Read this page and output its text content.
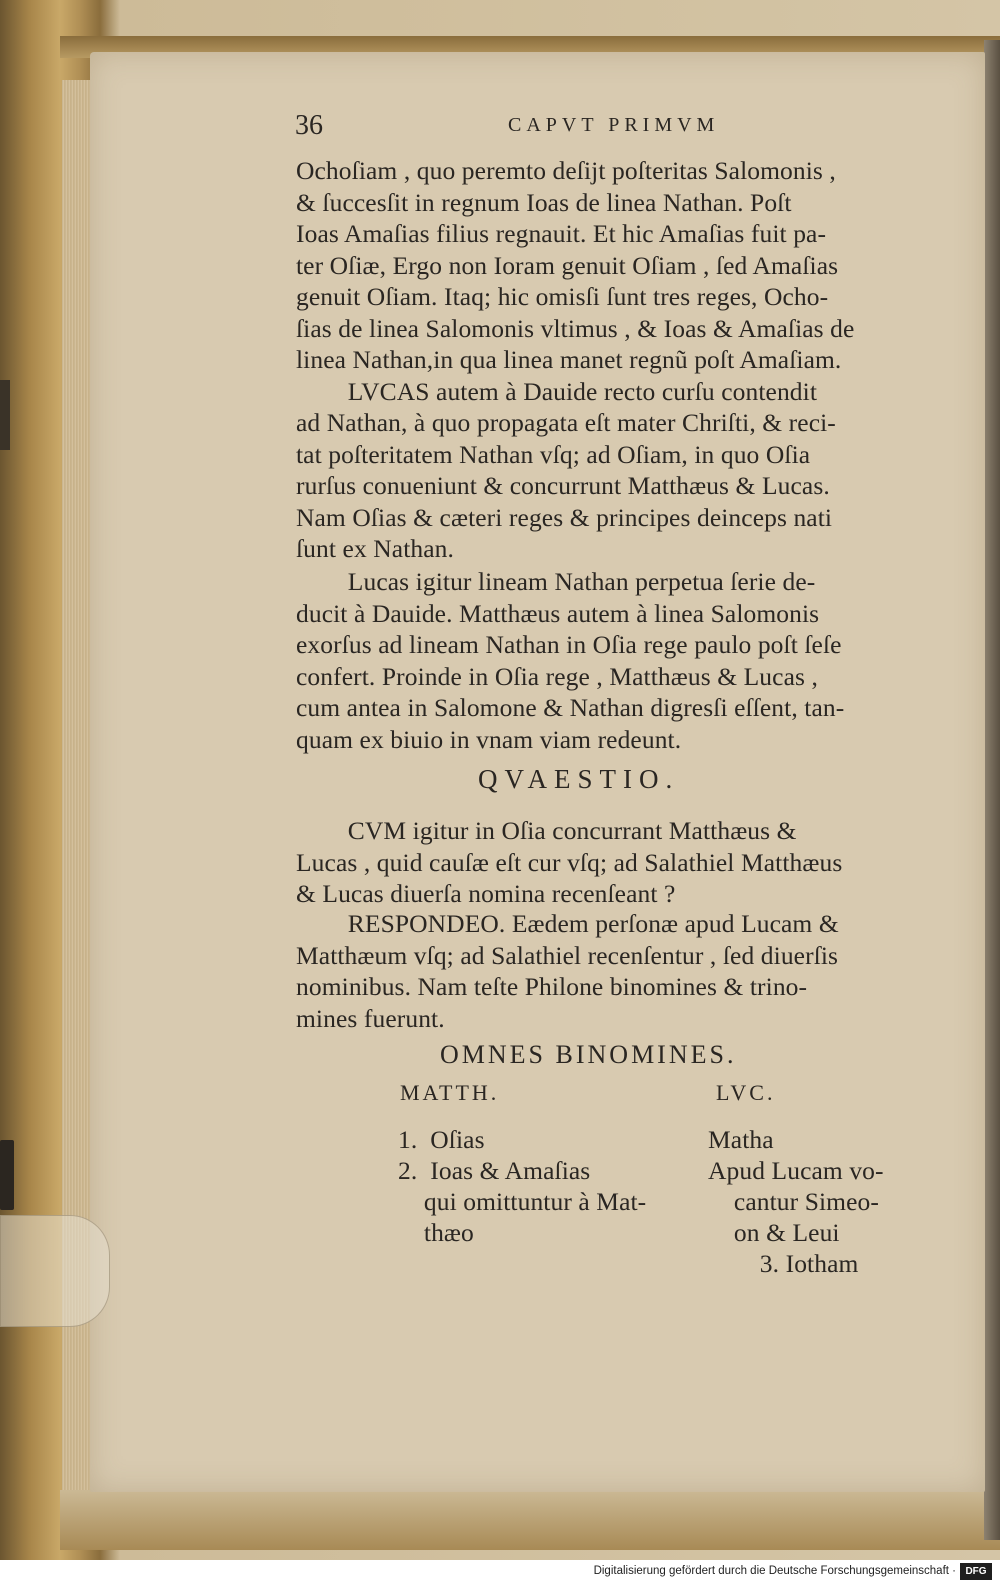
36	CAPVT PRIMVM
Ochoſiam , quo peremto deſijt poſteritas Salomonis ,
& ſuccesſit in regnum Ioas de linea Nathan. Poſt
Ioas Amaſias filius regnauit. Et hic Amaſias fuit pa-
ter Oſiæ, Ergo non Ioram genuit Oſiam , ſed Amaſias
genuit Oſiam. Itaq; hic omisſi ſunt tres reges, Ocho-
ſias de linea Salomonis vltimus , & Ioas & Amaſias de
linea Nathan,in qua linea manet regnũ poſt Amaſiam.
LVCAS autem à Dauide recto curſu contendit
ad Nathan, à quo propagata eſt mater Chriſti, & reci-
tat poſteritatem Nathan vſq; ad Oſiam, in quo Oſia
rurſus conueniunt & concurrunt Matthæus & Lucas.
Nam Oſias & cæteri reges & principes deinceps nati
ſunt ex Nathan.
Lucas igitur lineam Nathan perpetua ſerie de-
ducit à Dauide. Matthæus autem à linea Salomonis
exorſus ad lineam Nathan in Oſia rege paulo poſt ſeſe
confert. Proinde in Oſia rege , Matthæus & Lucas ,
cum antea in Salomone & Nathan digresſi eſſent, tan-
quam ex biuio in vnam viam redeunt.
QVAESTIO.
CVM igitur in Oſia concurrant Matthæus &
Lucas , quid cauſæ eſt cur vſq; ad Salathiel Matthæus
& Lucas diuerſa nomina recenſeant ?
RESPONDEO. Eædem perſonæ apud Lucam &
Matthæum vſq; ad Salathiel recenſentur , ſed diuerſis
nominibus. Nam teſte Philone binomines & trino-
mines fuerunt.
OMNES BINOMINES.
MATTH.	LVC.
1.  Oſias
2.  Ioas & Amaſias
qui omittuntur à Mat-
thæo
Matha
Apud Lucam vo-
cantur Simeo-
on & Leui
3. Iotham
Digitalisierung gefördert durch die Deutsche Forschungsgemeinschaft · DFG
